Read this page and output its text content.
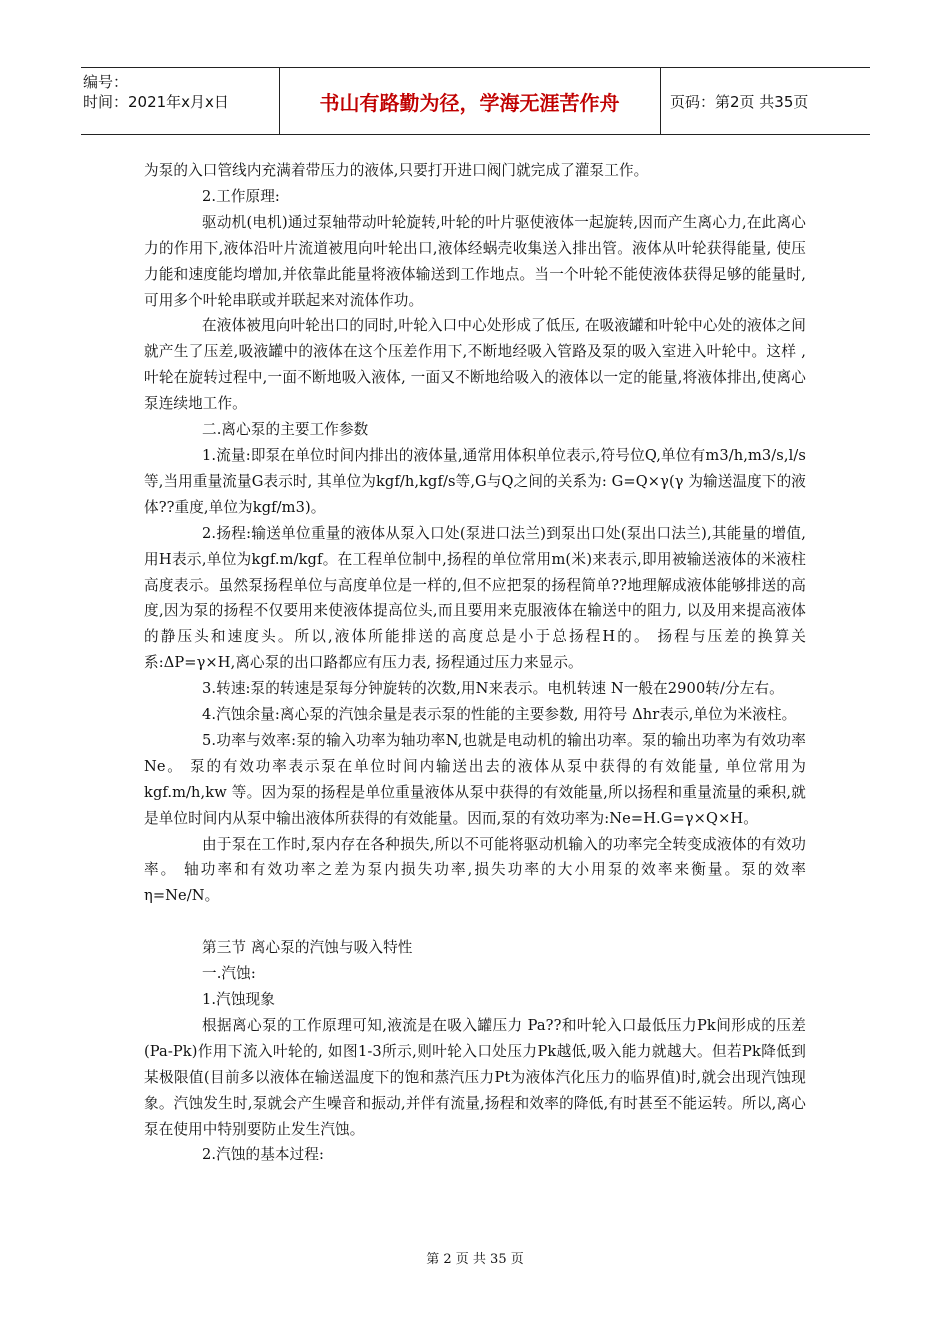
编号：
时间：2021年x月x日	书山有路勤为径，学海无涯苦作舟	页码：第2页 共35页

为泵的入口管线内充满着带压力的液体,只要打开进口阀门就完成了灌泵工作。

2.工作原理:

驱动机(电机)通过泵轴带动叶轮旋转,叶轮的叶片驱使液体一起旋转,因而产生离心力,在此离心力的作用下,液体沿叶片流道被甩向叶轮出口,液体经蜗壳收集送入排出管。液体从叶轮获得能量, 使压力能和速度能均增加,并依靠此能量将液体输送到工作地点。当一个叶轮不能使液体获得足够的能量时,可用多个叶轮串联或并联起来对流体作功。

在液体被甩向叶轮出口的同时,叶轮入口中心处形成了低压, 在吸液罐和叶轮中心处的液体之间就产生了压差,吸液罐中的液体在这个压差作用下,不断地经吸入管路及泵的吸入室进入叶轮中。这样 ,叶轮在旋转过程中,一面不断地吸入液体, 一面又不断地给吸入的液体以一定的能量,将液体排出,使离心泵连续地工作。

二.离心泵的主要工作参数

1.流量:即泵在单位时间内排出的液体量,通常用体积单位表示,符号位Q,单位有m3/h,m3/s,l/s等,当用重量流量G表示时, 其单位为kgf/h,kgf/s等,G与Q之间的关系为: G=Q×γ(γ 为输送温度下的液体??重度,单位为kgf/m3)。

2.扬程:输送单位重量的液体从泵入口处(泵进口法兰)到泵出口处(泵出口法兰),其能量的增值,用H表示,单位为kgf.m/kgf。在工程单位制中,扬程的单位常用m(米)来表示,即用被输送液体的米液柱高度表示。虽然泵扬程单位与高度单位是一样的,但不应把泵的扬程简单??地理解成液体能够排送的高度,因为泵的扬程不仅要用来使液体提高位头,而且要用来克服液体在输送中的阻力, 以及用来提高液体的静压头和速度头。所以,液体所能排送的高度总是小于总扬程H的。 扬程与压差的换算关系:ΔP=γ×H,离心泵的出口路都应有压力表, 扬程通过压力来显示。

3.转速:泵的转速是泵每分钟旋转的次数,用N来表示。电机转速 N一般在2900转/分左右。

4.汽蚀余量:离心泵的汽蚀余量是表示泵的性能的主要参数, 用符号 Δhr表示,单位为米液柱。

5.功率与效率:泵的输入功率为轴功率N,也就是电动机的输出功率。泵的输出功率为有效功率Ne。 泵的有效功率表示泵在单位时间内输送出去的液体从泵中获得的有效能量, 单位常用为kgf.m/h,kw 等。因为泵的扬程是单位重量液体从泵中获得的有效能量,所以扬程和重量流量的乘积,就是单位时间内从泵中输出液体所获得的有效能量。因而,泵的有效功率为:Ne=H.G=γ×Q×H。

由于泵在工作时,泵内存在各种损失,所以不可能将驱动机输入的功率完全转变成液体的有效功率。 轴功率和有效功率之差为泵内损失功率,损失功率的大小用泵的效率来衡量。泵的效率 η=Ne/N。

第三节 离心泵的汽蚀与吸入特性

一.汽蚀:

1.汽蚀现象

根据离心泵的工作原理可知,液流是在吸入罐压力 Pa??和叶轮入口最低压力Pk间形成的压差(Pa-Pk)作用下流入叶轮的, 如图1-3所示,则叶轮入口处压力Pk越低,吸入能力就越大。但若Pk降低到某极限值(目前多以液体在输送温度下的饱和蒸汽压力Pt为液体汽化压力的临界值)时,就会出现汽蚀现象。汽蚀发生时,泵就会产生噪音和振动,并伴有流量,扬程和效率的降低,有时甚至不能运转。所以,离心泵在使用中特别要防止发生汽蚀。

2.汽蚀的基本过程:

第 2 页 共 35 页
